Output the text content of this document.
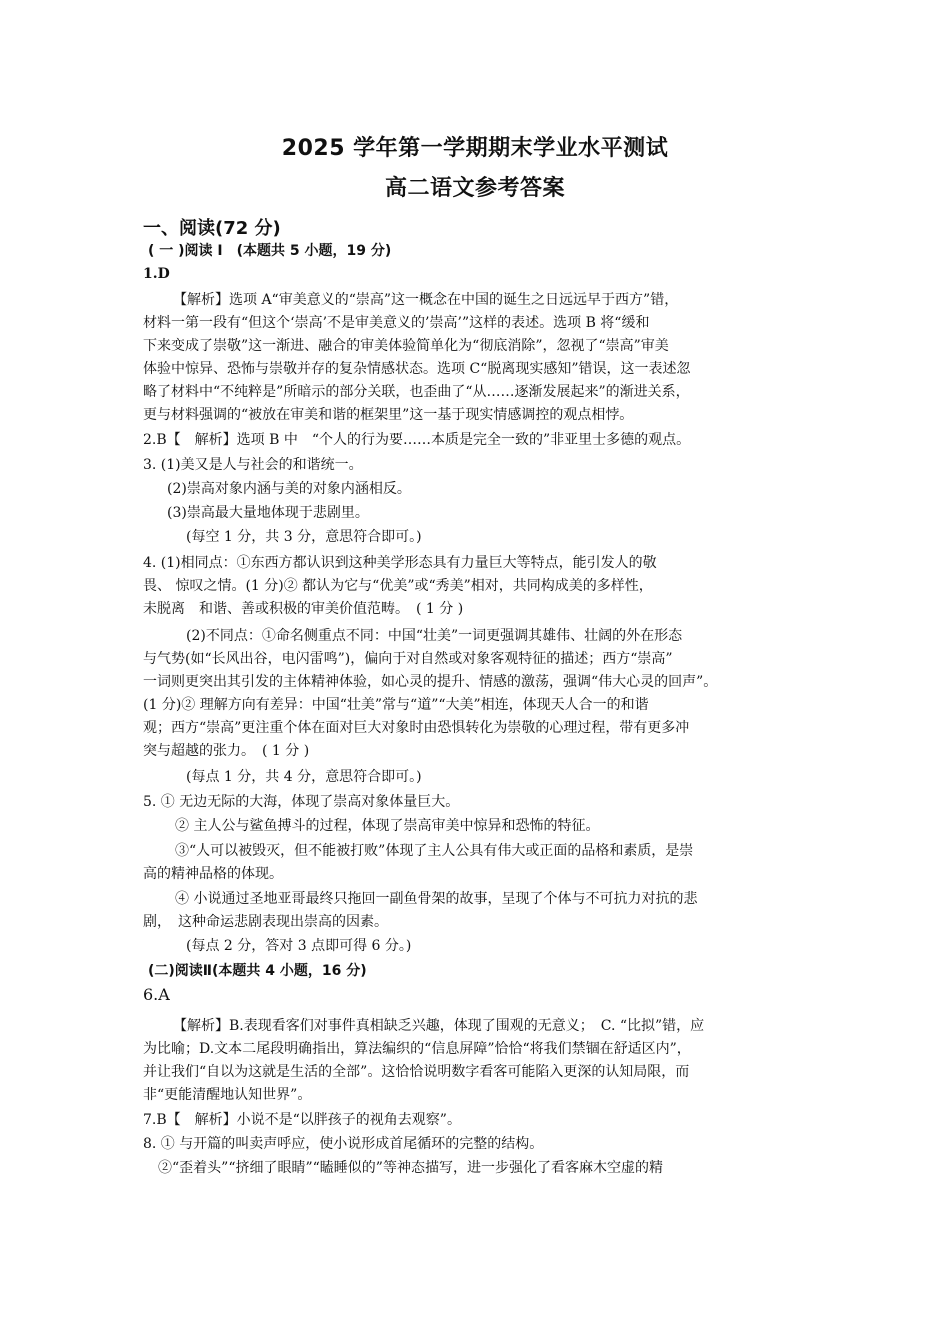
2025 学年第一学期期末学业水平测试
高二语文参考答案
一、阅读(72 分)
( 一 )阅读 I　(本题共 5 小题，19 分)
1.D
【解析】选项 A“审美意义的“崇高”这一概念在中国的诞生之日远远早于西方”错，
材料一第一段有“但这个‘崇高’不是审美意义的’崇高’”这样的表述。选项 B 将“缓和
下来变成了崇敬”这一渐进、融合的审美体验简单化为“彻底消除”，忽视了“崇高”审美
体验中惊异、恐怖与崇敬并存的复杂情感状态。选项 C“脱离现实感知”错误，这一表述忽
略了材料中“不纯粹是”所暗示的部分关联，也歪曲了“从……逐渐发展起来”的渐进关系，
更与材料强调的“被放在审美和谐的框架里”这一基于现实情感调控的观点相悖。
2.B【　解析】选项 B 中　“个人的行为要……本质是完全一致的”非亚里士多德的观点。
3. (1)美又是人与社会的和谐统一。
(2)崇高对象内涵与美的对象内涵相反。
(3)崇高最大量地体现于悲剧里。
(每空 1 分，共 3 分，意思符合即可。)
4. (1)相同点：①东西方都认识到这种美学形态具有力量巨大等特点，能引发人的敬
畏、 惊叹之情。(1 分)② 都认为它与“优美”或“秀美”相对，共同构成美的多样性，
未脱离　和谐、善或积极的审美价值范畴。　( 1 分 )
(2)不同点：①命名侧重点不同：中国“壮美”一词更强调其雄伟、壮阔的外在形态
与气势(如“长风出谷，电闪雷鸣”)，偏向于对自然或对象客观特征的描述；西方“崇高”
一词则更突出其引发的主体精神体验，如心灵的提升、情感的激荡，强调“伟大心灵的回声”。
(1 分)② 理解方向有差异：中国“壮美”常与“道”“大美”相连，体现天人合一的和谐
观；西方“崇高”更注重个体在面对巨大对象时由恐惧转化为崇敬的心理过程，带有更多冲
突与超越的张力。　( 1 分 )
(每点 1 分，共 4 分，意思符合即可。)
5. ① 无边无际的大海，体现了崇高对象体量巨大。
② 主人公与鲨鱼搏斗的过程，体现了崇高审美中惊异和恐怖的特征。
③“人可以被毁灭，但不能被打败”体现了主人公具有伟大或正面的品格和素质，是崇
高的精神品格的体现。
④ 小说通过圣地亚哥最终只拖回一副鱼骨架的故事，呈现了个体与不可抗力对抗的悲
剧，　这种命运悲剧表现出崇高的因素。
(每点 2 分，答对 3 点即可得 6 分。)
(二)阅读Ⅱ(本题共 4 小题，16 分)
6.A
【解析】B.表现看客们对事件真相缺乏兴趣，体现了围观的无意义；　C. “比拟”错，应
为比喻；D.文本二尾段明确指出，算法编织的“信息屏障”恰恰“将我们禁锢在舒适区内”，
并让我们“自以为这就是生活的全部”。这恰恰说明数字看客可能陷入更深的认知局限，而
非“更能清醒地认知世界”。
7.B【　解析】小说不是“以胖孩子的视角去观察”。
8. ① 与开篇的叫卖声呼应，使小说形成首尾循环的完整的结构。
②“歪着头”“挤细了眼睛”“瞌睡似的”等神态描写，进一步强化了看客麻木空虚的精
